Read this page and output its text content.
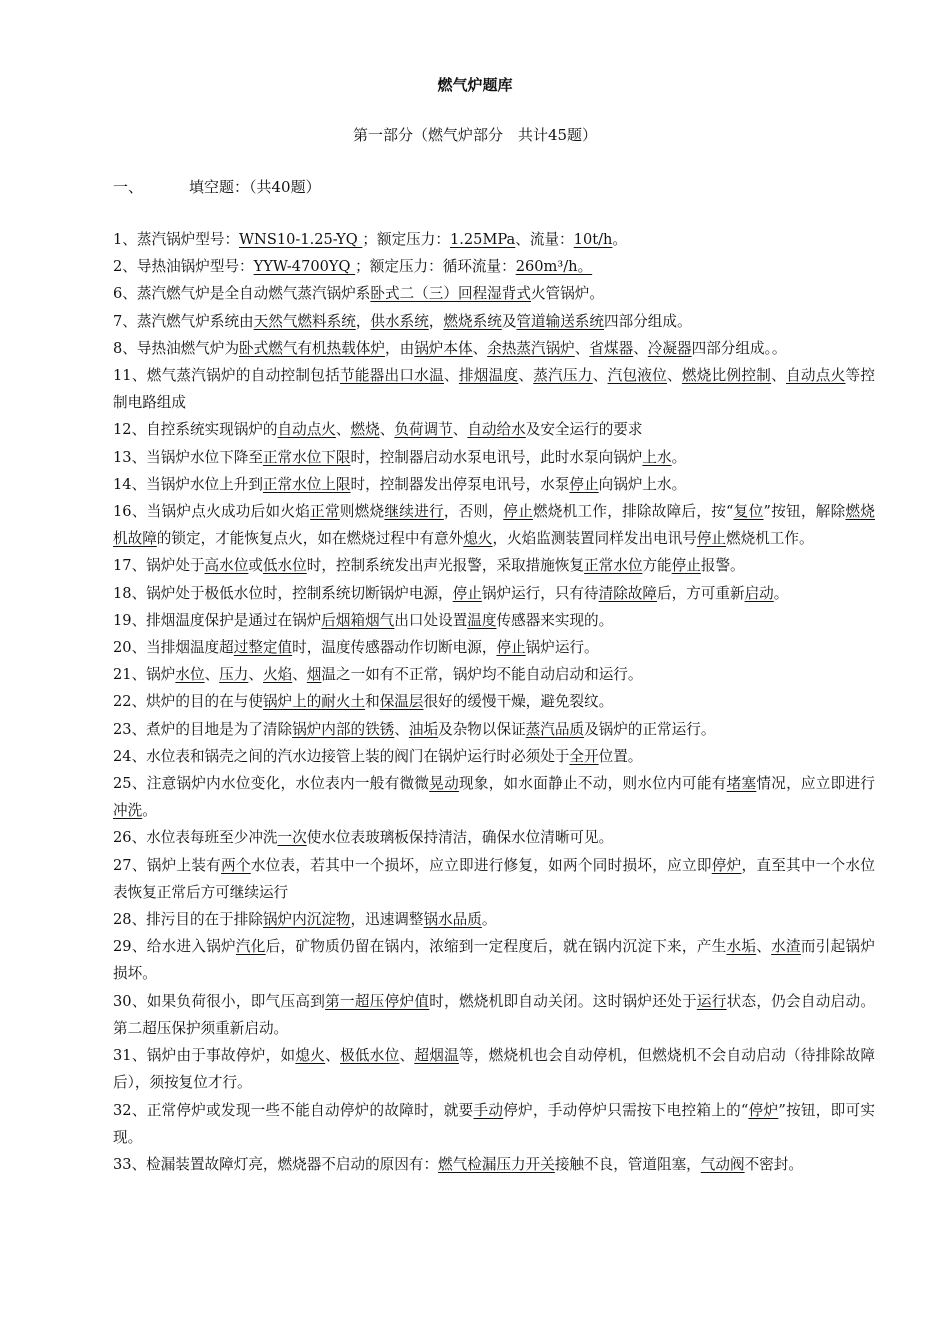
燃气炉题库
第一部分（燃气炉部分　共计45题）
一、	填空题：（共40题）

1、蒸汽锅炉型号：WNS10-1.25-YQ ；额定压力：1.25MPa、流量：10t/h。

2、导热油锅炉型号：YYW-4700YQ ；额定压力：循环流量：260m³/h。

6、蒸汽燃气炉是全自动燃气蒸汽锅炉系卧式二（三）回程湿背式火管锅炉。

7、蒸汽燃气炉系统由天然气燃料系统，供水系统，燃烧系统及管道输送系统四部分组成。

8、导热油燃气炉为卧式燃气有机热载体炉，由锅炉本体、余热蒸汽锅炉、省煤器、冷凝器四部分组成。。

11、燃气蒸汽锅炉的自动控制包括节能器出口水温、排烟温度、蒸汽压力、汽包液位、燃烧比例控制、自动点火等控制电路组成

12、自控系统实现锅炉的自动点火、燃烧、负荷调节、自动给水及安全运行的要求

13、当锅炉水位下降至正常水位下限时，控制器启动水泵电讯号，此时水泵向锅炉上水。

14、当锅炉水位上升到正常水位上限时，控制器发出停泵电讯号，水泵停止向锅炉上水。

16、当锅炉点火成功后如火焰正常则燃烧继续进行，否则，停止燃烧机工作，排除故障后，按“复位”按钮，解除燃烧机故障的锁定，才能恢复点火，如在燃烧过程中有意外熄火，火焰监测装置同样发出电讯号停止燃烧机工作。

17、锅炉处于高水位或低水位时，控制系统发出声光报警，采取措施恢复正常水位方能停止报警。

18、锅炉处于极低水位时，控制系统切断锅炉电源，停止锅炉运行，只有待清除故障后，方可重新启动。

19、排烟温度保护是通过在锅炉后烟箱烟气出口处设置温度传感器来实现的。

20、当排烟温度超过整定值时，温度传感器动作切断电源，停止锅炉运行。

21、锅炉水位、压力、火焰、烟温之一如有不正常，锅炉均不能自动启动和运行。

22、烘炉的目的在与使锅炉上的耐火土和保温层很好的缓慢干燥，避免裂纹。

23、煮炉的目地是为了清除锅炉内部的铁锈、油垢及杂物以保证蒸汽品质及锅炉的正常运行。

24、水位表和锅壳之间的汽水边接管上装的阀门在锅炉运行时必须处于全开位置。

25、注意锅炉内水位变化，水位表内一般有微微晃动现象，如水面静止不动，则水位内可能有堵塞情况，应立即进行冲洗。

26、水位表每班至少冲洗一次使水位表玻璃板保持清洁，确保水位清晰可见。

27、锅炉上装有两个水位表，若其中一个损坏，应立即进行修复，如两个同时损坏，应立即停炉，直至其中一个水位表恢复正常后方可继续运行

28、排污目的在于排除锅炉内沉淀物，迅速调整锅水品质。

29、给水进入锅炉汽化后，矿物质仍留在锅内，浓缩到一定程度后，就在锅内沉淀下来，产生水垢、水渣而引起锅炉损坏。

30、如果负荷很小，即气压高到第一超压停炉值时，燃烧机即自动关闭。这时锅炉还处于运行状态，仍会自动启动。第二超压保护须重新启动。

31、锅炉由于事故停炉，如熄火、极低水位、超烟温等，燃烧机也会自动停机，但燃烧机不会自动启动（待排除故障后），须按复位才行。

32、正常停炉或发现一些不能自动停炉的故障时，就要手动停炉，手动停炉只需按下电控箱上的“停炉”按钮，即可实现。

33、检漏装置故障灯亮，燃烧器不启动的原因有：燃气检漏压力开关接触不良，管道阻塞，气动阀不密封。
